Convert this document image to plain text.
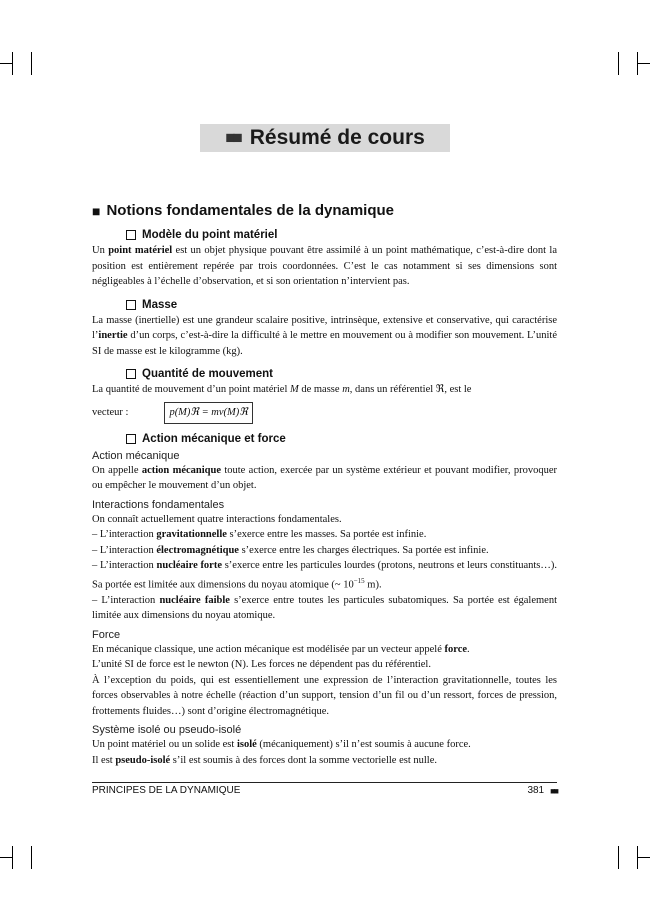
■■ Résumé de cours
■ Notions fondamentales de la dynamique
Modèle du point matériel

Un point matériel est un objet physique pouvant être assimilé à un point mathématique, c’est-à-dire dont la position est entièrement repérée par trois coordonnées. C’est le cas notamment si ses dimensions sont négligeables à l’échelle d’observation, et si son orientation n’intervient pas.

Masse

La masse (inertielle) est une grandeur scalaire positive, intrinsèque, extensive et conservative, qui caractérise l’inertie d’un corps, c’est-à-dire la difficulté à le mettre en mouvement ou à modifier son mouvement. L’unité SI de masse est le kilogramme (kg).

Quantité de mouvement

La quantité de mouvement d’un point matériel M de masse m, dans un référentiel ℜ, est le

vecteur :	p(M)ℜ = mv(M)ℜ
Action mécanique et force
Action mécanique

On appelle action mécanique toute action, exercée par un système extérieur et pouvant modifier, provoquer ou empêcher le mouvement d’un objet.

Interactions fondamentales

On connaît actuellement quatre interactions fondamentales.

– L’interaction gravitationnelle s’exerce entre les masses. Sa portée est infinie.

– L’interaction électromagnétique s’exerce entre les charges électriques. Sa portée est infinie.

– L’interaction nucléaire forte s’exerce entre les particules lourdes (protons, neutrons et leurs constituants…). Sa portée est limitée aux dimensions du noyau atomique (~ $10^{-15}$ m).

– L’interaction nucléaire faible s’exerce entre toutes les particules subatomiques. Sa portée est également limitée aux dimensions du noyau atomique.

Force

En mécanique classique, une action mécanique est modélisée par un vecteur appelé force.

L’unité SI de force est le newton (N). Les forces ne dépendent pas du référentiel.

À l’exception du poids, qui est essentiellement une expression de l’interaction gravitationnelle, toutes les forces observables à notre échelle (réaction d’un support, tension d’un fil ou d’un ressort, forces de pression, frottements fluides…) sont d’origine électromagnétique.

Système isolé ou pseudo-isolé

Un point matériel ou un solide est isolé (mécaniquement) s’il n’est soumis à aucune force.

Il est pseudo-isolé s’il est soumis à des forces dont la somme vectorielle est nulle.

PRINCIPES DE LA DYNAMIQUE	381 ■■
